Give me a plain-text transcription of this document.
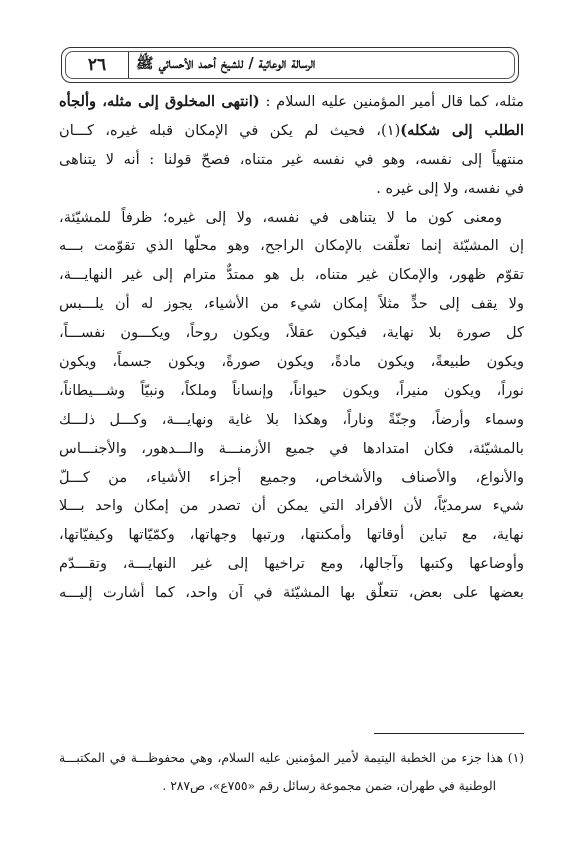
٢٦	الرسالة الوعائية / للشيخ أحمد الأحسائي ﷺ
مثله، كما قال أمير المؤمنين عليه السلام : (انتهى المخلوق إلى مثله، وألجأه
الطلب إلى شكله)(١)، فحيث لم يكن في الإمكان قبله غيره، كـــان
منتهياً إلى نفسه، وهو في نفسه غير متناه، فصحّ قولنا : أنه لا يتناهى
في نفسه، ولا إلى غيره .
ومعنى كون ما لا يتناهى في نفسه، ولا إلى غيره؛ ظرفاً للمشيّئة،
إن المشيّئة إنما تعلّقت بالإمكان الراجح، وهو محلّها الذي تقوّمت بـــه
تقوّم ظهور، والإمكان غير متناه، بل هو ممتدٌّ مترام إلى غير النهايـــة،
ولا يقف إلى حدٍّ مثلاً إمكان شيء من الأشياء، يجوز له أن يلـــبس
كل صورة بلا نهاية، فيكون عقلاً، ويكون روحاً، ويكـــون نفســـاً،
ويكون طبيعةً، ويكون مادةً، ويكون صورةً، ويكون جسماً، ويكون
نوراً، ويكون منيراً، ويكون حيواناً، وإنساناً وملكاً، ونبيّاً وشـــيطاناً،
وسماء وأرضاً، وجنّةً وناراً، وهكذا بلا غاية ونهايـــة، وكـــل ذلـــك
بالمشيّئة، فكان امتدادها في جميع الأزمنـــة والـــدهور، والأجنـــاس
والأنواع، والأصناف والأشخاص، وجميع أجزاء الأشياء، من كـــلّ
شيء سرمديّاً، لأن الأفراد التي يمكن أن تصدر من إمكان واحد بـــلا
نهاية، مع تباين أوقاتها وأمكنتها، ورتبها وجهاتها، وكمّيّاتها وكيفيّاتها،
وأوضاعها وكتبها وآجالها، ومع تراخيها إلى غير النهايـــة، وتقـــدّم
بعضها على بعض، تتعلّق بها المشيّئة في آن واحد، كما أشارت إليـــه
(١) هذا جزء من الخطبة اليتيمة لأمير المؤمنين عليه السلام، وهي محفوظـــة في المكتبـــة
الوطنية في طهران، ضمن مجموعة رسائل رقم «٧٥٥ع»، ص٢٨٧ .
